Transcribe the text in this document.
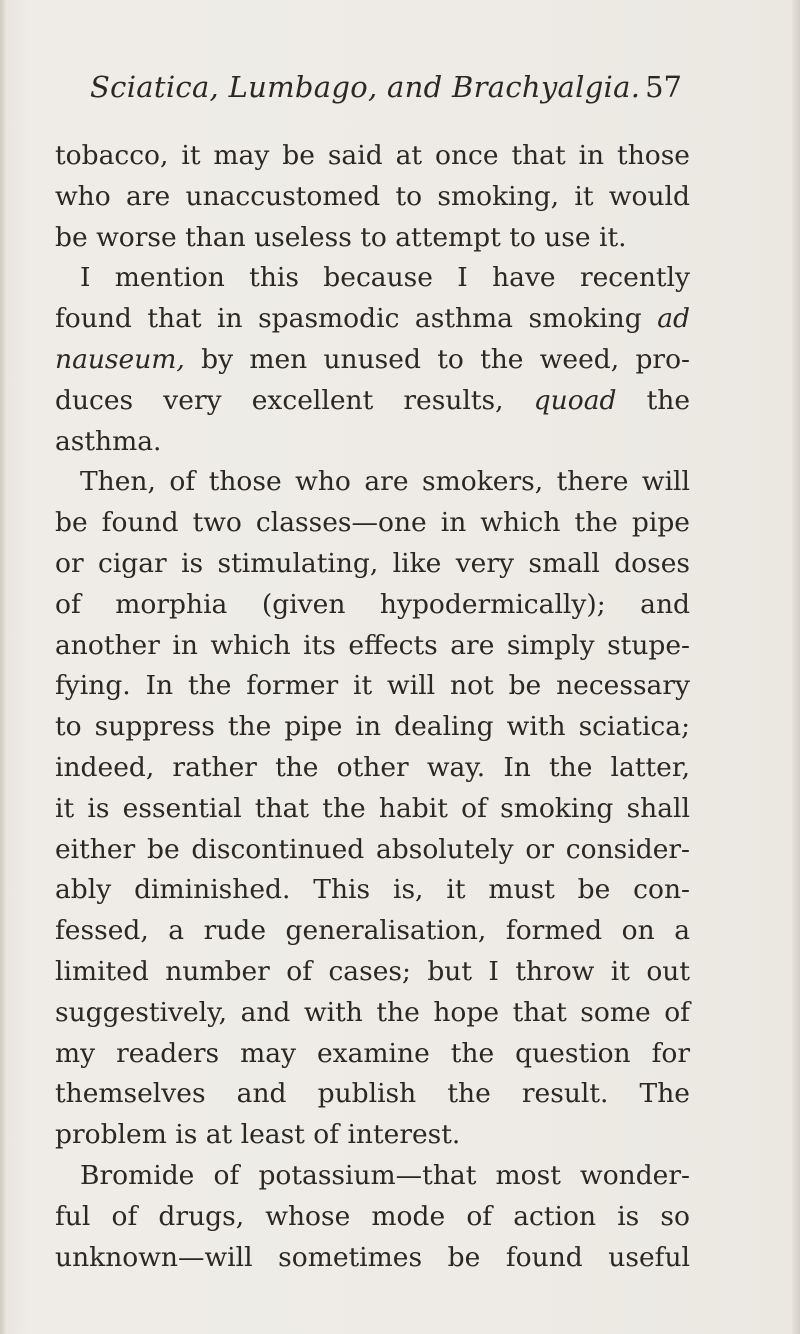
Sciatica, Lumbago, and Brachyalgia. 57
tobacco, it may be said at once that in those
who are unaccustomed to smoking, it would
be worse than useless to attempt to use it.
I mention this because I have recently
found that in spasmodic asthma smoking ad
nauseum, by men unused to the weed, pro-
duces very excellent results, quoad the
asthma.
Then, of those who are smokers, there will
be found two classes—one in which the pipe
or cigar is stimulating, like very small doses
of morphia (given hypodermically); and
another in which its effects are simply stupe-
fying. In the former it will not be necessary
to suppress the pipe in dealing with sciatica;
indeed, rather the other way. In the latter,
it is essential that the habit of smoking shall
either be discontinued absolutely or consider-
ably diminished. This is, it must be con-
fessed, a rude generalisation, formed on a
limited number of cases; but I throw it out
suggestively, and with the hope that some of
my readers may examine the question for
themselves and publish the result. The
problem is at least of interest.
Bromide of potassium—that most wonder-
ful of drugs, whose mode of action is so
unknown—will sometimes be found useful
